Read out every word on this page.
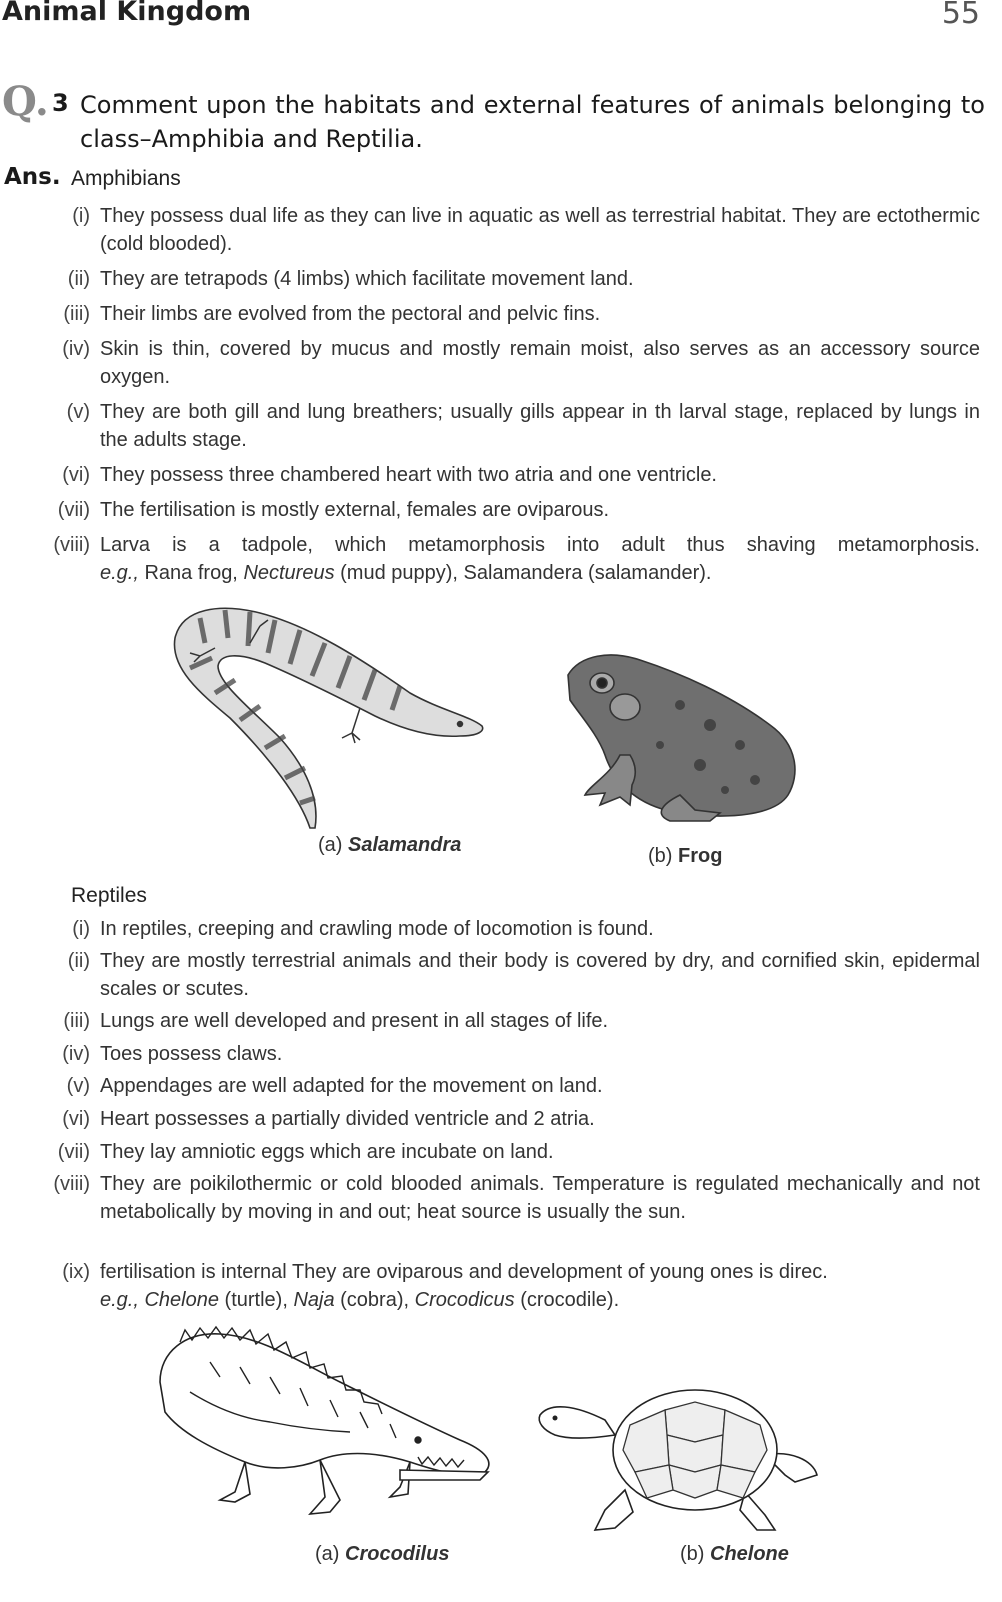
Animal Kingdom	55
Q. 3 Comment upon the habitats and external features of animals belonging to class–Amphibia and Reptilia.
Ans. Amphibians
(i) They possess dual life as they can live in aquatic as well as terrestrial habitat. They are ectothermic (cold blooded).
(ii) They are tetrapods (4 limbs) which facilitate movement land.
(iii) Their limbs are evolved from the pectoral and pelvic fins.
(iv) Skin is thin, covered by mucus and mostly remain moist, also serves as an accessory source oxygen.
(v) They are both gill and lung breathers; usually gills appear in th larval stage, replaced by lungs in the adults stage.
(vi) They possess three chambered heart with two atria and one ventricle.
(vii) The fertilisation is mostly external, females are oviparous.
(viii) Larva is a tadpole, which metamorphosis into adult thus shaving metamorphosis.
e.g., Rana frog, Nectureus (mud puppy), Salamandera (salamander).
(a) Salamandra	(b) Frog
Reptiles
(i) In reptiles, creeping and crawling mode of locomotion is found.
(ii) They are mostly terrestrial animals and their body is covered by dry, and cornified skin, epidermal scales or scutes.
(iii) Lungs are well developed and present in all stages of life.
(iv) Toes possess claws.
(v) Appendages are well adapted for the movement on land.
(vi) Heart possesses a partially divided ventricle and 2 atria.
(vii) They lay amniotic eggs which are incubate on land.
(viii) They are poikilothermic or cold blooded animals. Temperature is regulated mechanically and not metabolically by moving in and out; heat source is usually the sun.
(ix) fertilisation is internal They are oviparous and development of young ones is direc.
e.g., Chelone (turtle), Naja (cobra), Crocodicus (crocodile).
(a) Crocodilus	(b) Chelone
